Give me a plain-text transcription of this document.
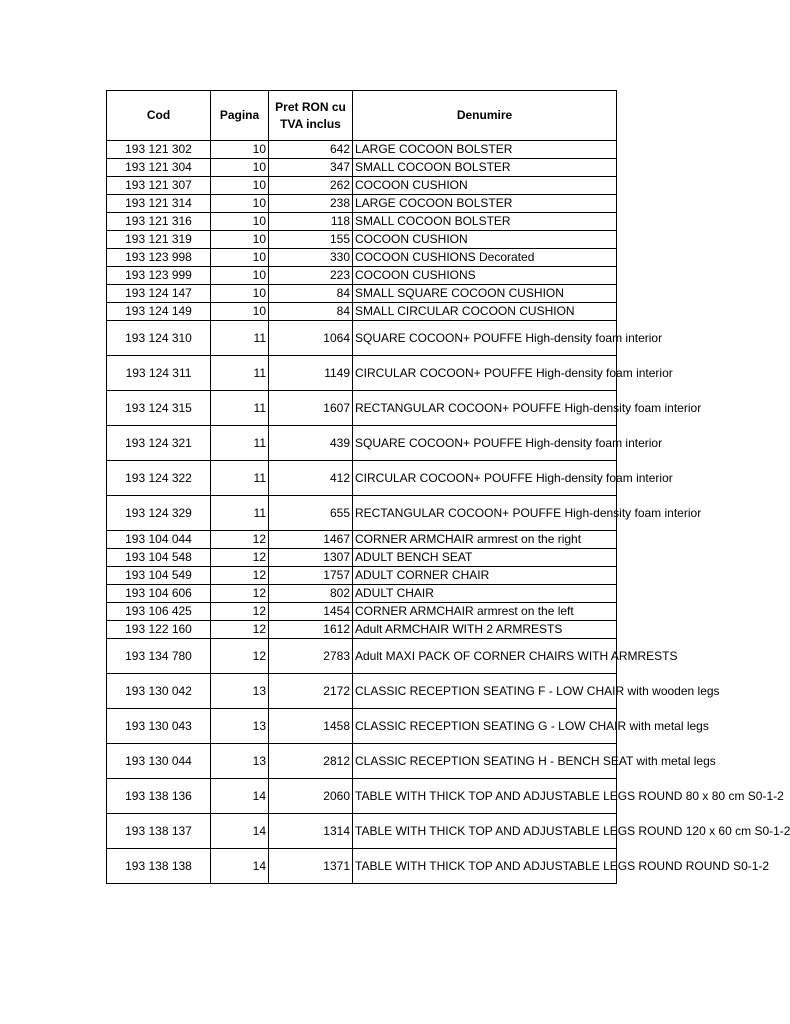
Cod	Pagina	Pret RON cu TVA inclus	Denumire
193 121 302	10	642	LARGE COCOON BOLSTER
193 121 304	10	347	SMALL COCOON BOLSTER
193 121 307	10	262	COCOON CUSHION
193 121 314	10	238	LARGE COCOON BOLSTER
193 121 316	10	118	SMALL COCOON BOLSTER
193 121 319	10	155	COCOON CUSHION
193 123 998	10	330	COCOON CUSHIONS Decorated
193 123 999	10	223	COCOON CUSHIONS
193 124 147	10	84	SMALL SQUARE COCOON CUSHION
193 124 149	10	84	SMALL CIRCULAR COCOON CUSHION
193 124 310	11	1064	SQUARE COCOON+ POUFFE High-density foam interior
193 124 311	11	1149	CIRCULAR COCOON+ POUFFE High-density foam interior
193 124 315	11	1607	RECTANGULAR COCOON+ POUFFE High-density foam interior
193 124 321	11	439	SQUARE COCOON+ POUFFE High-density foam interior
193 124 322	11	412	CIRCULAR COCOON+ POUFFE High-density foam interior
193 124 329	11	655	RECTANGULAR COCOON+ POUFFE High-density foam interior
193 104 044	12	1467	CORNER ARMCHAIR armrest on the right
193 104 548	12	1307	ADULT BENCH SEAT
193 104 549	12	1757	ADULT CORNER CHAIR
193 104 606	12	802	ADULT CHAIR
193 106 425	12	1454	CORNER ARMCHAIR armrest on the left
193 122 160	12	1612	Adult ARMCHAIR WITH 2 ARMRESTS
193 134 780	12	2783	Adult MAXI PACK OF CORNER CHAIRS WITH ARMRESTS
193 130 042	13	2172	CLASSIC RECEPTION SEATING F - LOW CHAIR with wooden legs
193 130 043	13	1458	CLASSIC RECEPTION SEATING G - LOW CHAIR with metal legs
193 130 044	13	2812	CLASSIC RECEPTION SEATING H - BENCH SEAT with metal legs
193 138 136	14	2060	TABLE WITH THICK TOP AND ADJUSTABLE LEGS ROUND 80 x 80 cm S0-1-2
193 138 137	14	1314	TABLE WITH THICK TOP AND ADJUSTABLE LEGS ROUND 120 x 60 cm S0-1-2
193 138 138	14	1371	TABLE WITH THICK TOP AND ADJUSTABLE LEGS ROUND ROUND S0-1-2
